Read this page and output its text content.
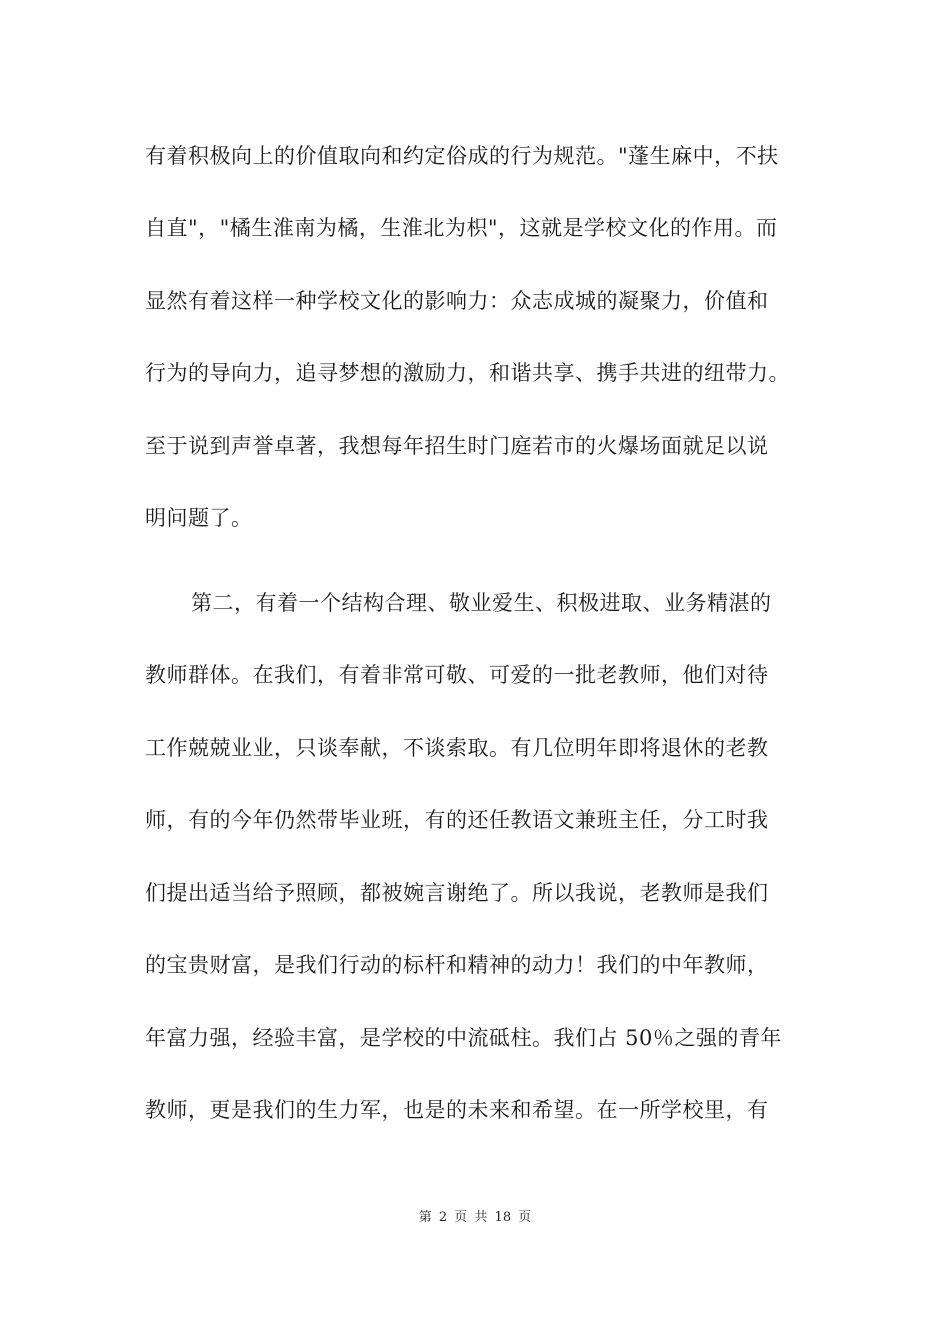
有着积极向上的价值取向和约定俗成的行为规范。"蓬生麻中，不扶

自直"，"橘生淮南为橘，生淮北为枳"，这就是学校文化的作用。而

显然有着这样一种学校文化的影响力：众志成城的凝聚力，价值和

行为的导向力，追寻梦想的激励力，和谐共享、携手共进的纽带力。

至于说到声誉卓著，我想每年招生时门庭若市的火爆场面就足以说

明问题了。

第二，有着一个结构合理、敬业爱生、积极进取、业务精湛的

教师群体。在我们，有着非常可敬、可爱的一批老教师，他们对待

工作兢兢业业，只谈奉献，不谈索取。有几位明年即将退休的老教

师，有的今年仍然带毕业班，有的还任教语文兼班主任，分工时我

们提出适当给予照顾，都被婉言谢绝了。所以我说，老教师是我们

的宝贵财富，是我们行动的标杆和精神的动力！我们的中年教师，

年富力强，经验丰富，是学校的中流砥柱。我们占 50％之强的青年

教师，更是我们的生力军，也是的未来和希望。在一所学校里，有

第 2 页 共 18 页
